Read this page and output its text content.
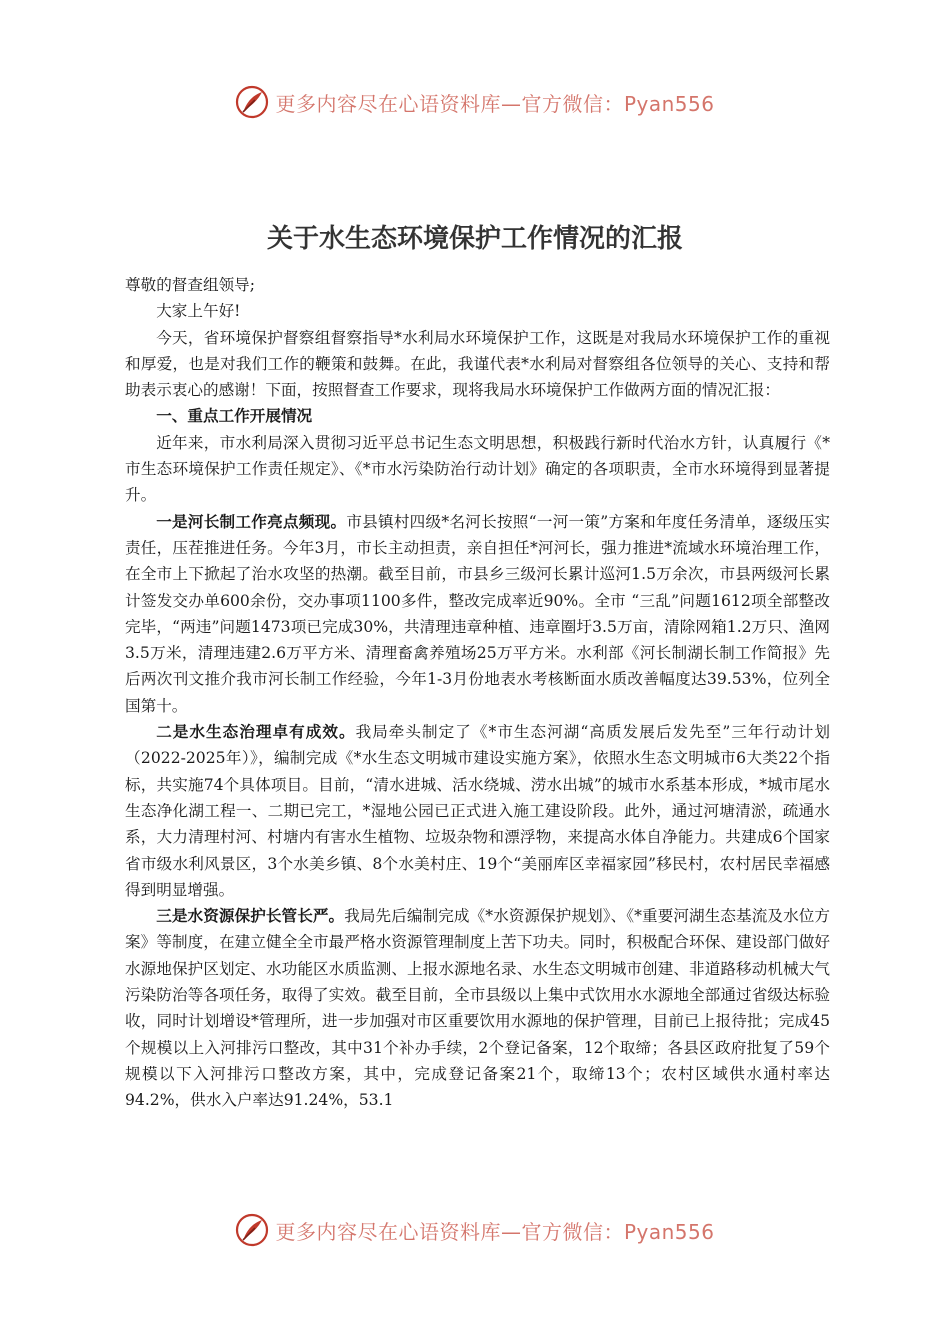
更多内容尽在心语资料库—官方微信：Pyan556
关于水生态环境保护工作情况的汇报

尊敬的督查组领导;

大家上午好!

今天，省环境保护督察组督察指导*水利局水环境保护工作，这既是对我局水环境保护工作的重视和厚爱，也是对我们工作的鞭策和鼓舞。在此，我谨代表*水利局对督察组各位领导的关心、支持和帮助表示衷心的感谢！下面，按照督查工作要求，现将我局水环境保护工作做两方面的情况汇报：

一、重点工作开展情况

近年来，市水利局深入贯彻习近平总书记生态文明思想，积极践行新时代治水方针，认真履行《*市生态环境保护工作责任规定》、《*市水污染防治行动计划》确定的各项职责，全市水环境得到显著提升。

一是河长制工作亮点频现。市县镇村四级*名河长按照“一河一策”方案和年度任务清单，逐级压实责任，压茬推进任务。今年3月，市长主动担责，亲自担任*河河长，强力推进*流域水环境治理工作，在全市上下掀起了治水攻坚的热潮。截至目前，市县乡三级河长累计巡河1.5万余次，市县两级河长累计签发交办单600余份，交办事项1100多件，整改完成率近90%。全市 “三乱”问题1612项全部整改完毕，“两违”问题1473项已完成30%，共清理违章种植、违章圈圩3.5万亩，清除网箱1.2万只、渔网3.5万米，清理违建2.6万平方米、清理畜禽养殖场25万平方米。水利部《河长制湖长制工作简报》先后两次刊文推介我市河长制工作经验，今年1-3月份地表水考核断面水质改善幅度达39.53%，位列全国第十。

二是水生态治理卓有成效。我局牵头制定了《*市生态河湖“高质发展后发先至”三年行动计划（2022-2025年）》，编制完成《*水生态文明城市建设实施方案》，依照水生态文明城市6大类22个指标，共实施74个具体项目。目前，“清水进城、活水绕城、涝水出城”的城市水系基本形成，*城市尾水生态净化湖工程一、二期已完工，*湿地公园已正式进入施工建设阶段。此外，通过河塘清淤，疏通水系，大力清理村河、村塘内有害水生植物、垃圾杂物和漂浮物，来提高水体自净能力。共建成6个国家省市级水利风景区，3个水美乡镇、8个水美村庄、19个“美丽库区幸福家园”移民村，农村居民幸福感得到明显增强。

三是水资源保护长管长严。我局先后编制完成《*水资源保护规划》、《*重要河湖生态基流及水位方案》等制度，在建立健全全市最严格水资源管理制度上苦下功夫。同时，积极配合环保、建设部门做好水源地保护区划定、水功能区水质监测、上报水源地名录、水生态文明城市创建、非道路移动机械大气污染防治等各项任务，取得了实效。截至目前，全市县级以上集中式饮用水水源地全部通过省级达标验收，同时计划增设*管理所，进一步加强对市区重要饮用水源地的保护管理，目前已上报待批；完成45个规模以上入河排污口整改，其中31个补办手续，2个登记备案，12个取缔；各县区政府批复了59个规模以下入河排污口整改方案，其中，完成登记备案21个，取缔13个；农村区域供水通村率达94.2%，供水入户率达91.24%，53.1

更多内容尽在心语资料库—官方微信：Pyan556
